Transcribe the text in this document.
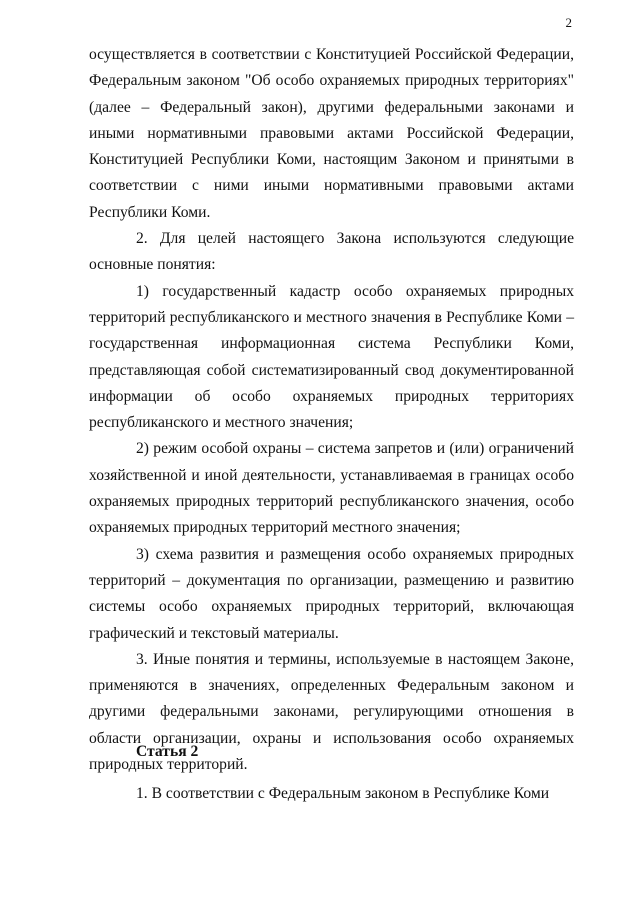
2

осуществляется в соответствии с Конституцией Российской Федерации, Федеральным законом "Об особо охраняемых природных территориях" (далее – Федеральный закон), другими федеральными законами и иными нормативными правовыми актами Российской Федерации, Конституцией Республики Коми, настоящим Законом и принятыми в соответствии с ними иными нормативными правовыми актами Республики Коми.

2. Для целей настоящего Закона используются следующие основные понятия:

1) государственный кадастр особо охраняемых природных территорий республиканского и местного значения в Республике Коми – государственная информационная система Республики Коми, представляющая собой систематизированный свод документированной информации об особо охраняемых природных территориях республиканского и местного значения;

2) режим особой охраны – система запретов и (или) ограничений хозяйственной и иной деятельности, устанавливаемая в границах особо охраняемых природных территорий республиканского значения, особо охраняемых природных территорий местного значения;

3) схема развития и размещения особо охраняемых природных территорий – документация по организации, размещению и развитию системы особо охраняемых природных территорий, включающая графический и текстовый материалы.

3. Иные понятия и термины, используемые в настоящем Законе, применяются в значениях, определенных Федеральным законом и другими федеральными законами, регулирующими отношения в области организации, охраны и использования особо охраняемых природных территорий.

Статья 2

1. В соответствии с Федеральным законом в Республике Коми
